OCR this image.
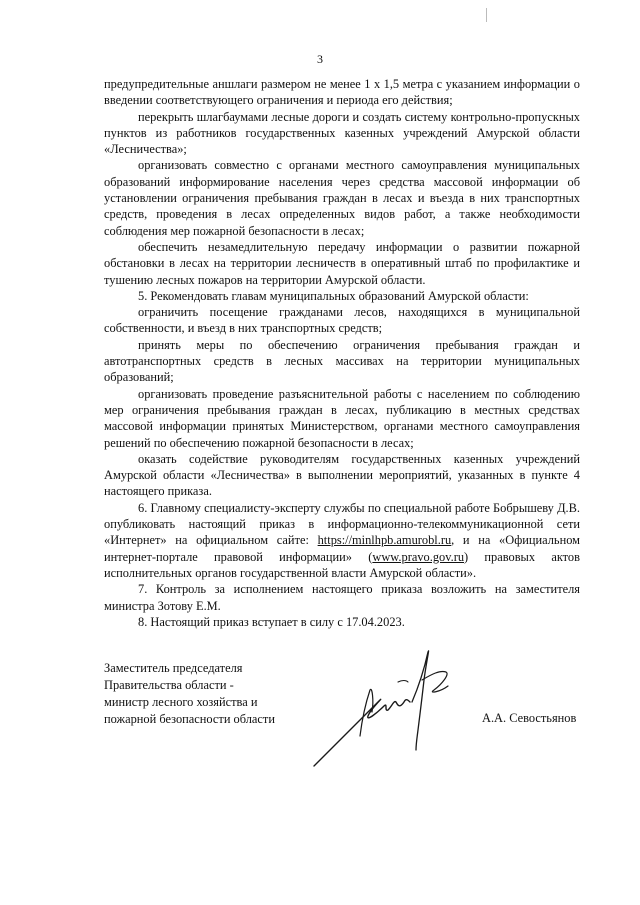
3

предупредительные аншлаги размером не менее 1 х 1,5 метра с указанием информации о введении соответствующего ограничения и периода его действия;

перекрыть шлагбаумами лесные дороги и создать систему контрольно-пропускных пунктов из работников государственных казенных учреждений Амурской области «Лесничества»;

организовать совместно с органами местного самоуправления муниципальных образований информирование населения через средства массовой информации об установлении ограничения пребывания граждан в лесах и въезда в них транспортных средств, проведения в лесах определенных видов работ, а также необходимости соблюдения мер пожарной безопасности в лесах;

обеспечить незамедлительную передачу информации о развитии пожарной обстановки в лесах на территории лесничеств в оперативный штаб по профилактике и тушению лесных пожаров на территории Амурской области.

5. Рекомендовать главам муниципальных образований Амурской области:

ограничить посещение гражданами лесов, находящихся в муниципальной собственности, и въезд в них транспортных средств;

принять меры по обеспечению ограничения пребывания граждан и автотранспортных средств в лесных массивах на территории муниципальных образований;

организовать проведение разъяснительной работы с населением по соблюдению мер ограничения пребывания граждан в лесах, публикацию в местных средствах массовой информации принятых Министерством, органами местного самоуправления решений по обеспечению пожарной безопасности в лесах;

оказать содействие руководителям государственных казенных учреждений Амурской области «Лесничества» в выполнении мероприятий, указанных в пункте 4 настоящего приказа.

6. Главному специалисту-эксперту службы по специальной работе Бобрышеву Д.В. опубликовать настоящий приказ в информационно-телекоммуникационной сети «Интернет» на официальном сайте: https://minlhpb.amurobl.ru, и на «Официальном интернет-портале правовой информации» (www.pravo.gov.ru) правовых актов исполнительных органов государственной власти Амурской области».

7. Контроль за исполнением настоящего приказа возложить на заместителя министра Зотову Е.М.

8. Настоящий приказ вступает в силу с 17.04.2023.

Заместитель председателя
Правительства области -
министр лесного хозяйства и
пожарной безопасности области	А.А. Севостьянов
